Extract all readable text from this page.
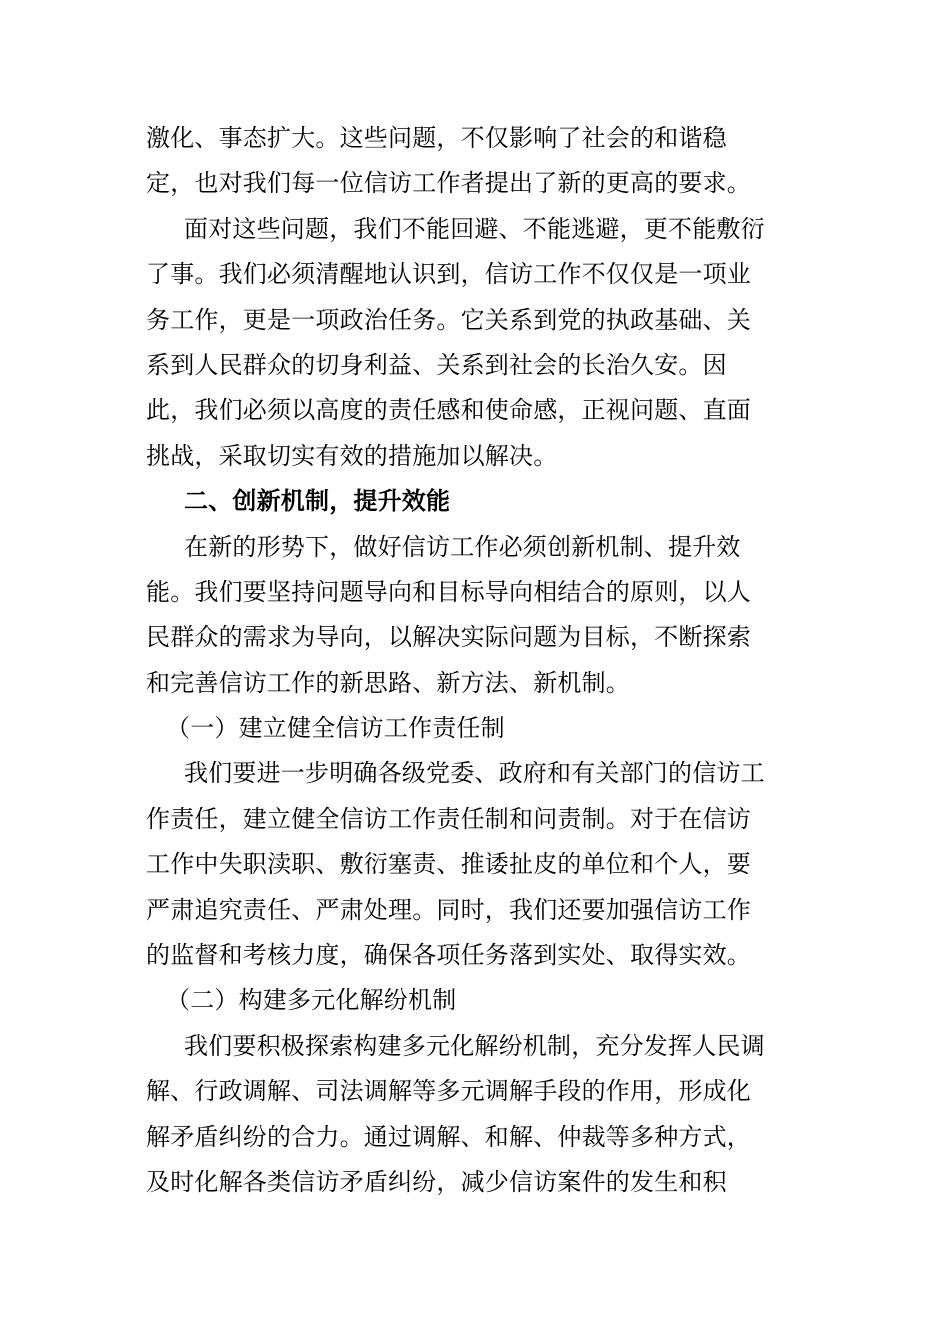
激化、事态扩大。这些问题，不仅影响了社会的和谐稳
定，也对我们每一位信访工作者提出了新的更高的要求。
面对这些问题，我们不能回避、不能逃避，更不能敷衍
了事。我们必须清醒地认识到，信访工作不仅仅是一项业
务工作，更是一项政治任务。它关系到党的执政基础、关
系到人民群众的切身利益、关系到社会的长治久安。因
此，我们必须以高度的责任感和使命感，正视问题、直面
挑战，采取切实有效的措施加以解决。
二、创新机制，提升效能
在新的形势下，做好信访工作必须创新机制、提升效
能。我们要坚持问题导向和目标导向相结合的原则，以人
民群众的需求为导向，以解决实际问题为目标，不断探索
和完善信访工作的新思路、新方法、新机制。
（一）建立健全信访工作责任制
我们要进一步明确各级党委、政府和有关部门的信访工
作责任，建立健全信访工作责任制和问责制。对于在信访
工作中失职渎职、敷衍塞责、推诿扯皮的单位和个人，要
严肃追究责任、严肃处理。同时，我们还要加强信访工作
的监督和考核力度，确保各项任务落到实处、取得实效。
（二）构建多元化解纷机制
我们要积极探索构建多元化解纷机制，充分发挥人民调
解、行政调解、司法调解等多元调解手段的作用，形成化
解矛盾纠纷的合力。通过调解、和解、仲裁等多种方式，
及时化解各类信访矛盾纠纷，减少信访案件的发生和积
